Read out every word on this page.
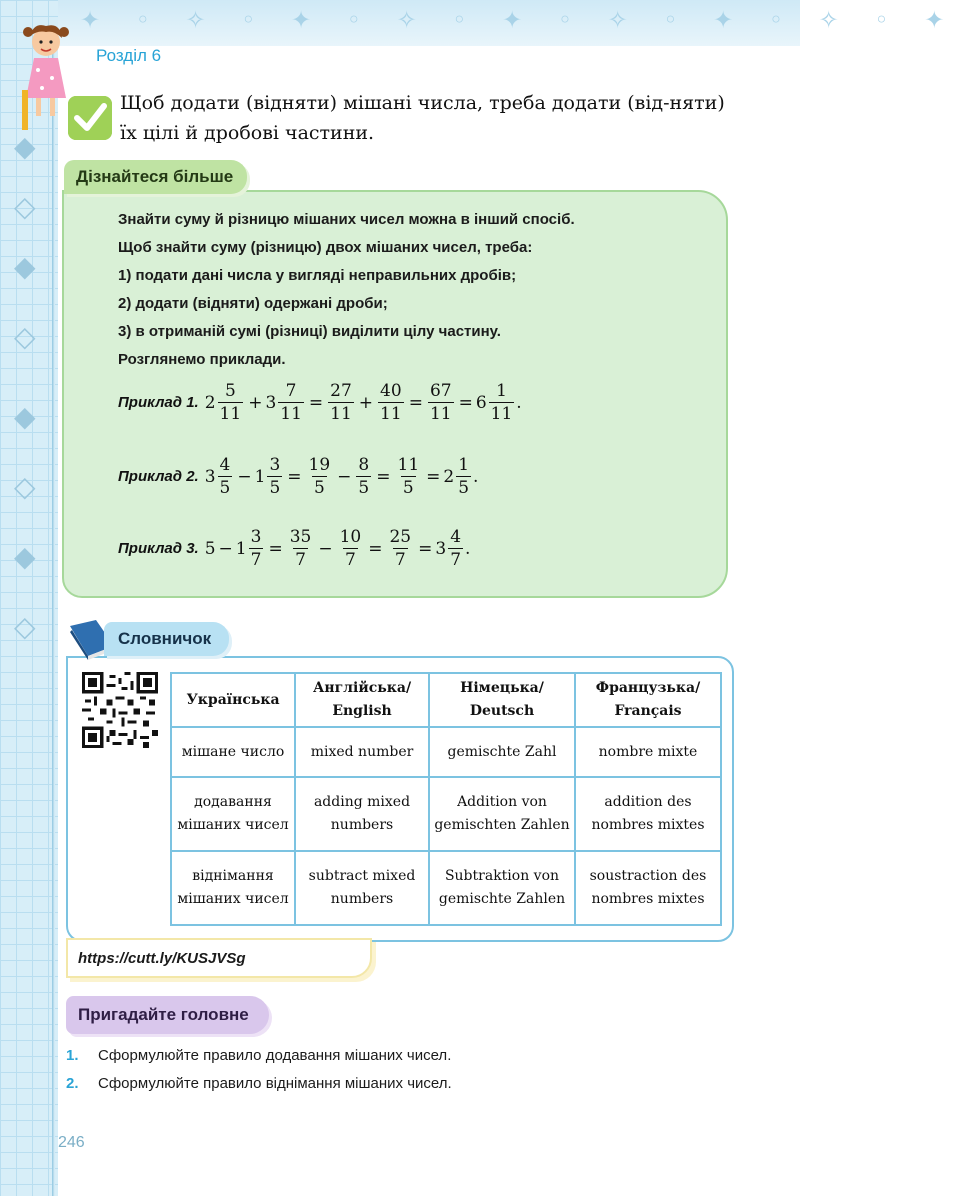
✦ ◦ ✧ ◦ ✦ ◦ ✧ ◦ ✦ ◦ ✧ ◦ ✦ ◦ ✧ ◦ ✦
◆
◇
◆
◇
◆
◇
◆
◇
Розділ 6
Щоб додати (відняти) мішані числа, треба додати (від-няти) їх цілі й дробові частини.
Дізнайтеся більше
Знайти суму й різницю мішаних чисел можна в інший спосіб.
Щоб знайти суму (різницю) двох мішаних чисел, треба:
1) подати дані числа у вигляді неправильних дробів;
2) додати (відняти) одержані дроби;
3) в отриманій сумі (різниці) виділити цілу частину.
Розглянемо приклади.
Приклад 1. $2 \frac{5}{11} + 3 \frac{7}{11} = \frac{27}{11} + \frac{40}{11} = \frac{67}{11} = 6 \frac{1}{11}$ .
Приклад 2. $3 \frac{4}{5} - 1 \frac{3}{5} = \frac{19}{5} - \frac{8}{5} = \frac{11}{5} = 2 \frac{1}{5}$ .
Приклад 3. $5 - 1 \frac{3}{7} = \frac{35}{7} - \frac{10}{7} = \frac{25}{7} = 3 \frac{4}{7}$ .
Словничок
Українська	Англійська/ English	Німецька/ Deutsch	Французька/ Français
мішане число	mixed number	gemischte Zahl	nombre mixte
додавання мішаних чисел	adding mixed numbers	Addition von gemischten Zahlen	addition des nombres mixtes
віднімання мішаних чисел	subtract mixed numbers	Subtraktion von gemischte Zahlen	soustraction des nombres mixtes
https://cutt.ly/KUSJVSg
Пригадайте головне
1.	Сформулюйте правило додавання мішаних чисел.
2.	Сформулюйте правило віднімання мішаних чисел.
246
